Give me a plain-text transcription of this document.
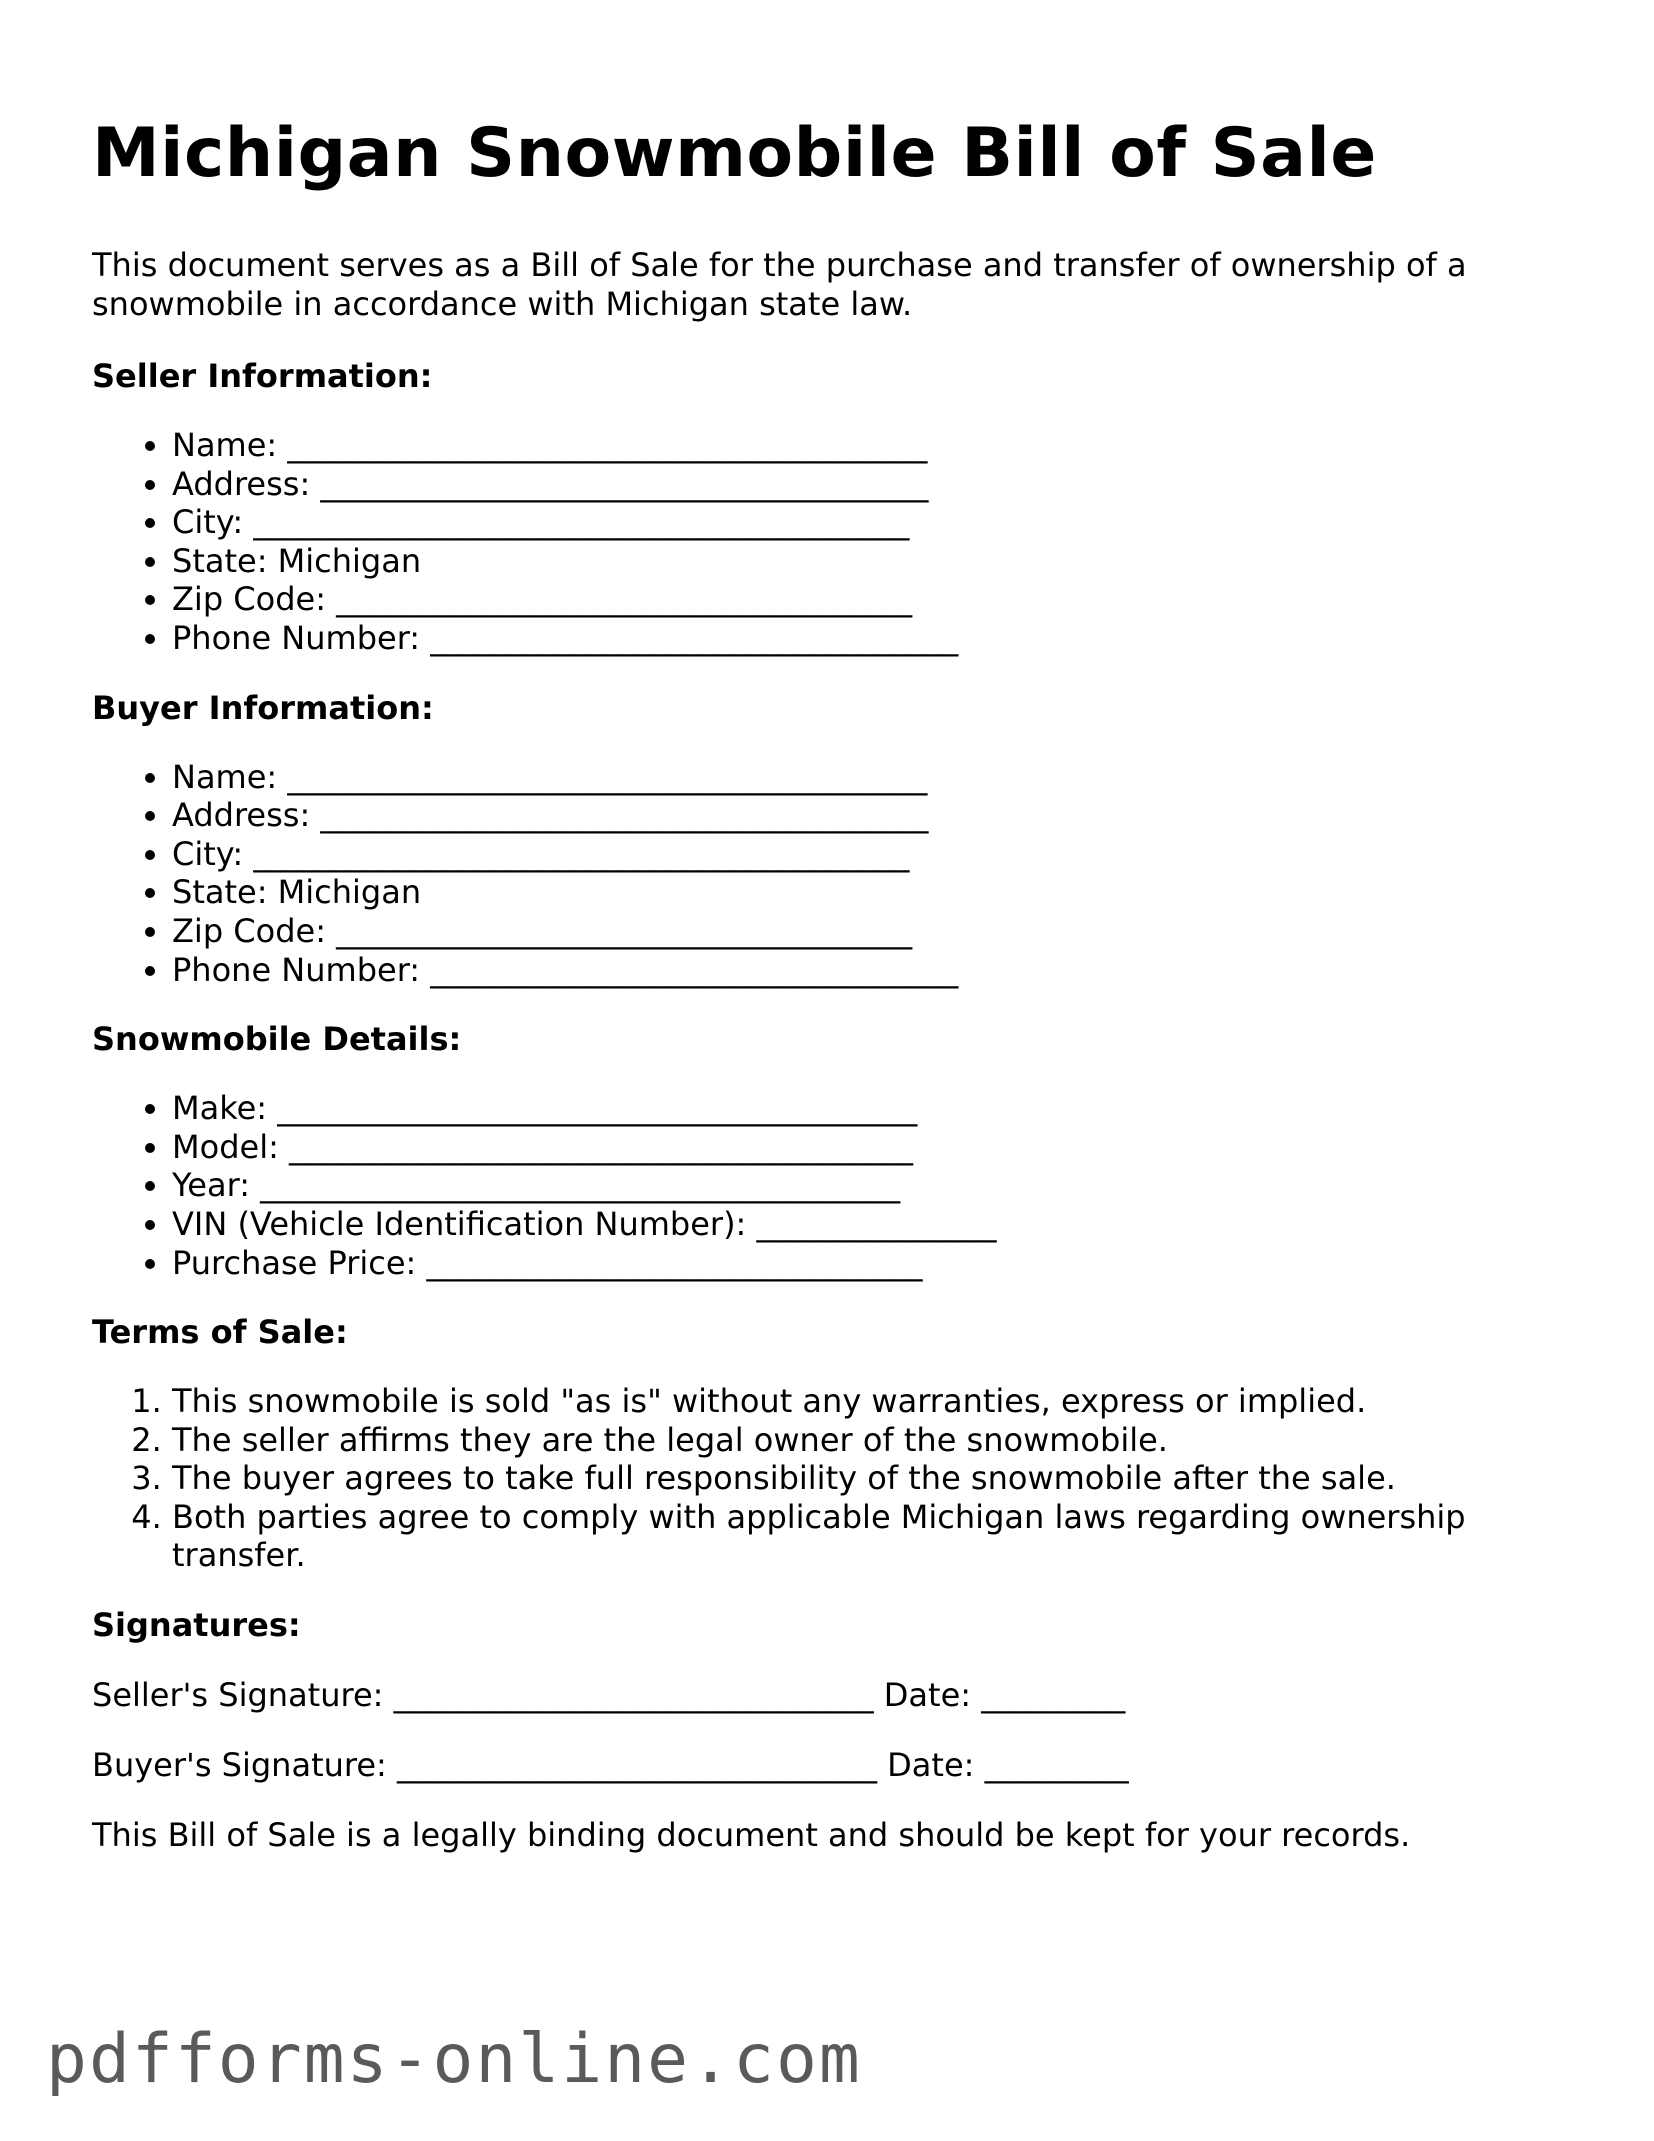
Michigan Snowmobile Bill of Sale

This document serves as a Bill of Sale for the purchase and transfer of ownership of a snowmobile in accordance with Michigan state law.

Seller Information:
• Name: ________________________________________
• Address: ______________________________________
• City: _________________________________________
• State: Michigan
• Zip Code: ____________________________________
• Phone Number: _________________________________
Buyer Information:
• Name: ________________________________________
• Address: ______________________________________
• City: _________________________________________
• State: Michigan
• Zip Code: ____________________________________
• Phone Number: _________________________________
Snowmobile Details:
• Make: ________________________________________
• Model: _______________________________________
• Year: ________________________________________
• VIN (Vehicle Identification Number): _______________
• Purchase Price: _______________________________
Terms of Sale:
1. This snowmobile is sold "as is" without any warranties, express or implied.
2. The seller affirms they are the legal owner of the snowmobile.
3. The buyer agrees to take full responsibility of the snowmobile after the sale.
4. Both parties agree to comply with applicable Michigan laws regarding ownership transfer.
Signatures:

Seller's Signature: ______________________________ Date: _________

Buyer's Signature: ______________________________ Date: _________

This Bill of Sale is a legally binding document and should be kept for your records.

pdfforms-online.com
